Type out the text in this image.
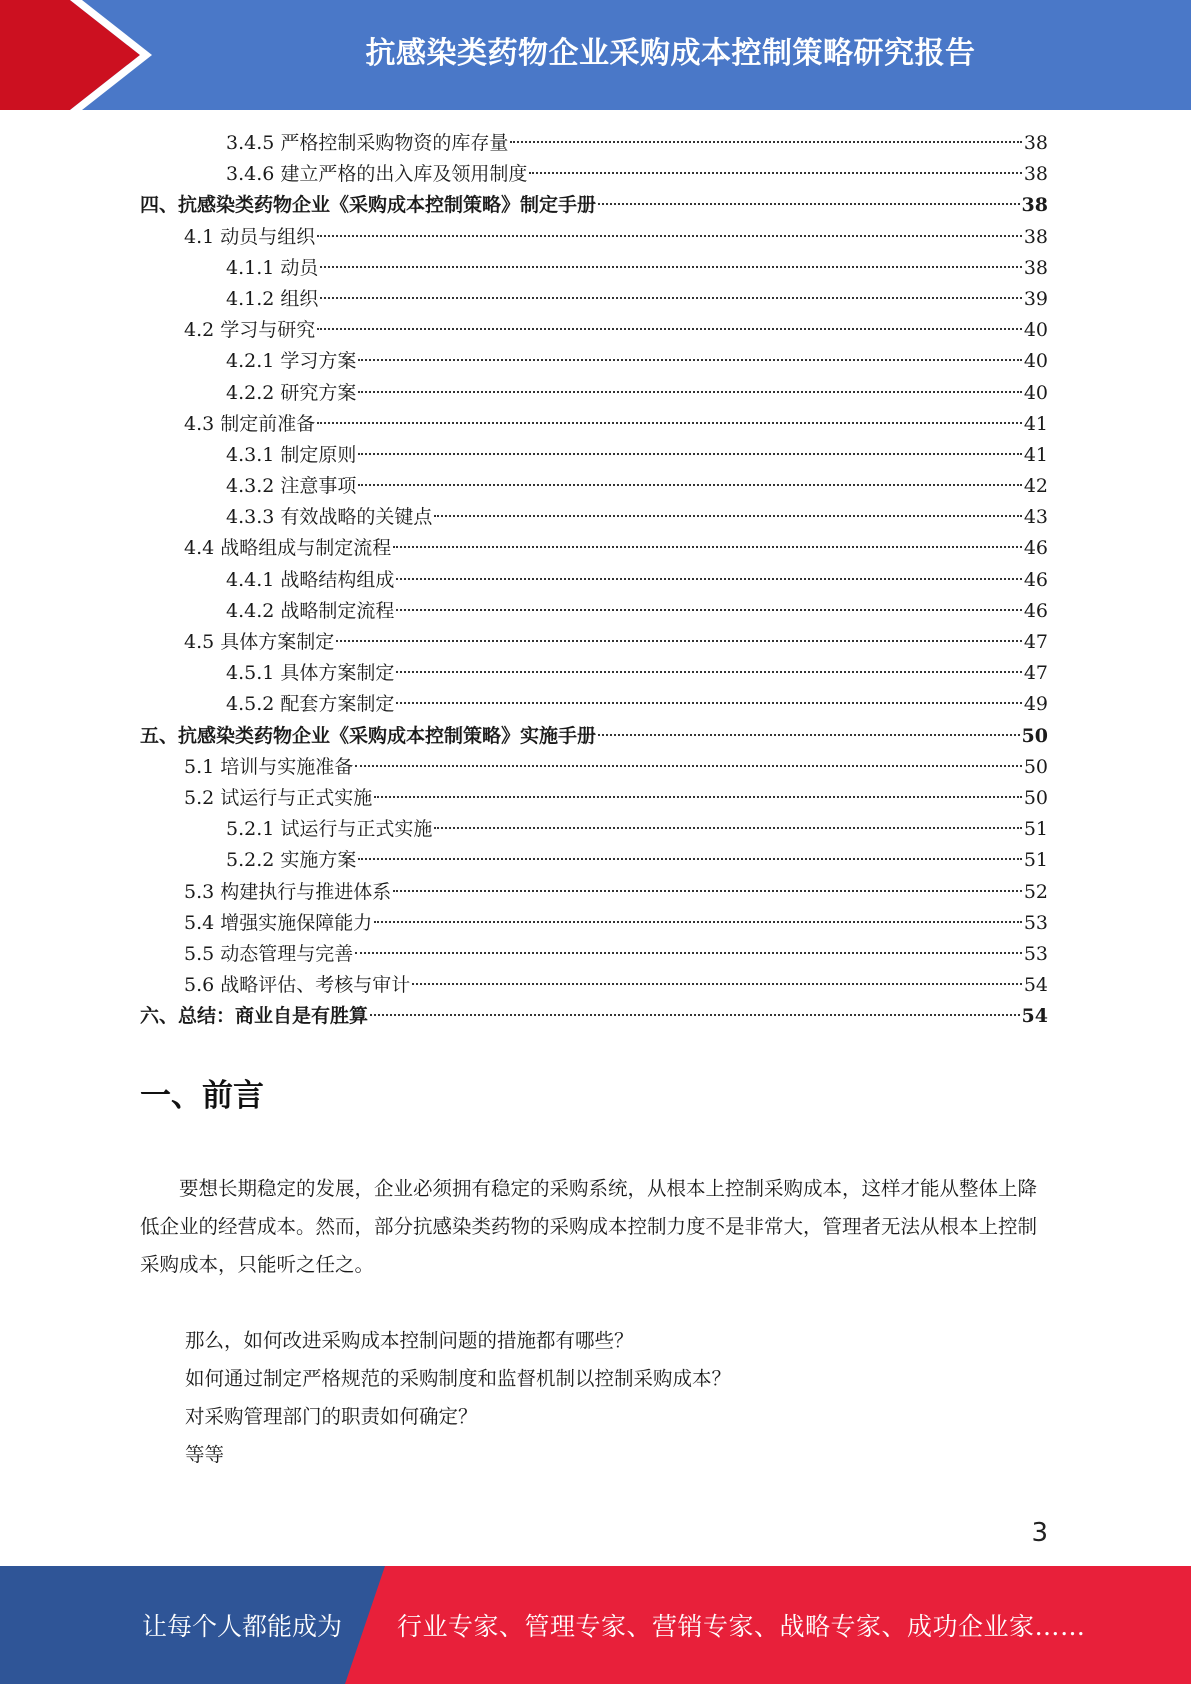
抗感染类药物企业采购成本控制策略研究报告
3.4.5 严格控制采购物资的库存量	38
3.4.6 建立严格的出入库及领用制度	38
四、抗感染类药物企业《采购成本控制策略》制定手册	38
4.1 动员与组织	38
4.1.1 动员	38
4.1.2 组织	39
4.2 学习与研究	40
4.2.1 学习方案	40
4.2.2 研究方案	40
4.3 制定前准备	41
4.3.1 制定原则	41
4.3.2 注意事项	42
4.3.3 有效战略的关键点	43
4.4 战略组成与制定流程	46
4.4.1 战略结构组成	46
4.4.2 战略制定流程	46
4.5 具体方案制定	47
4.5.1 具体方案制定	47
4.5.2 配套方案制定	49
五、抗感染类药物企业《采购成本控制策略》实施手册	50
5.1 培训与实施准备	50
5.2 试运行与正式实施	50
5.2.1 试运行与正式实施	51
5.2.2 实施方案	51
5.3 构建执行与推进体系	52
5.4 增强实施保障能力	53
5.5 动态管理与完善	53
5.6 战略评估、考核与审计	54
六、总结：商业自是有胜算	54
一、前言

要想长期稳定的发展，企业必须拥有稳定的采购系统，从根本上控制采购成本，这样才能从整体上降低企业的经营成本。然而，部分抗感染类药物的采购成本控制力度不是非常大，管理者无法从根本上控制采购成本，只能听之任之。

那么，如何改进采购成本控制问题的措施都有哪些？
如何通过制定严格规范的采购制度和监督机制以控制采购成本？
对采购管理部门的职责如何确定？
等等
3
让每个人都能成为 行业专家、管理专家、营销专家、战略专家、成功企业家……
